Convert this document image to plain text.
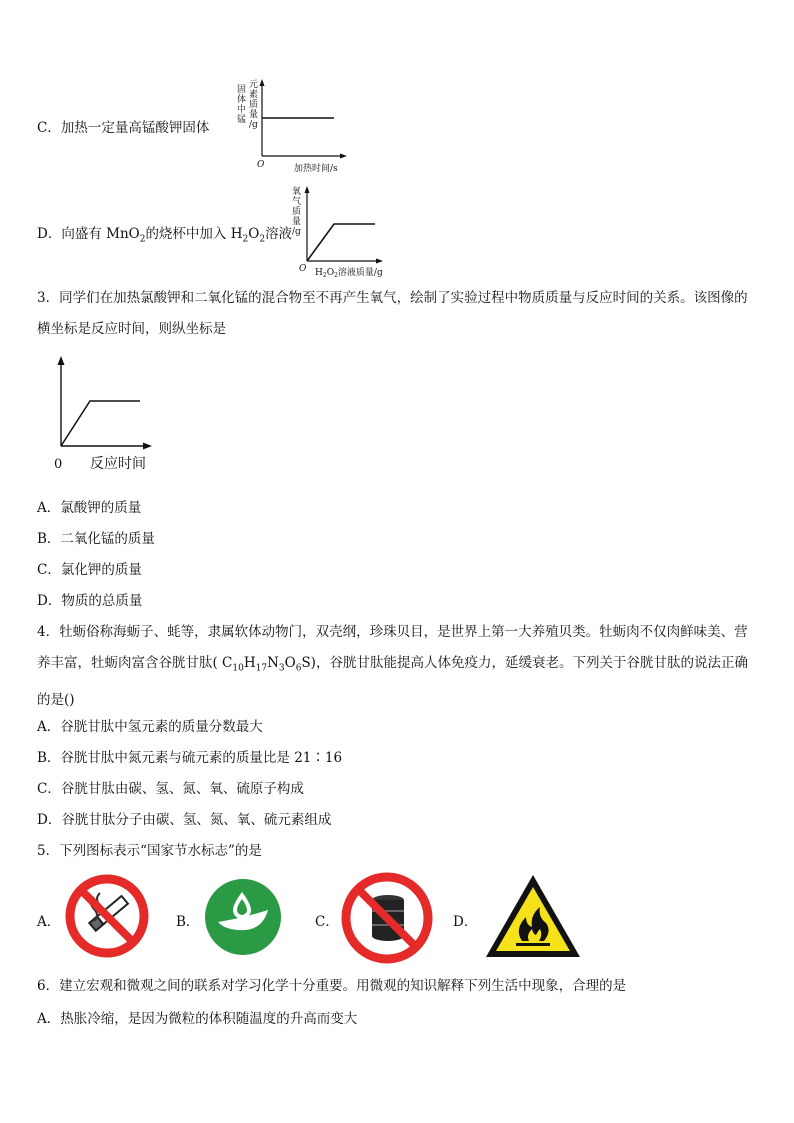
C．加热一定量高锰酸钾固体
固
体
中
锰
元
素
质
量
/g
O	加热时间/s
D．向盛有 MnO$_2$的烧杯中加入 $H_2O_2$溶液
氧
气
质
量
/g
O $H_2O_2$溶液质量/g
3．同学们在加热氯酸钾和二氧化锰的混合物至不再产生氧气，绘制了实验过程中物质质量与反应时间的关系。该图像的横坐标是反应时间，则纵坐标是
0 反应时间
A．氯酸钾的质量
B．二氧化锰的质量
C．氯化钾的质量
D．物质的总质量
4．牡蛎俗称海蛎子、蚝等，隶属软体动物门，双壳纲，珍珠贝目，是世界上第一大养殖贝类。牡蛎肉不仅肉鲜味美、营养丰富，牡蛎肉富含谷胱甘肽( $C_{10}H_{17}N_3O_6S$)，谷胱甘肽能提高人体免疫力，延缓衰老。下列关于谷胱甘肽的说法正确的是()
A．谷胱甘肽中氢元素的质量分数最大
B．谷胱甘肽中氮元素与硫元素的质量比是 21∶16
C．谷胱甘肽由碳、氢、氮、氧、硫原子构成
D．谷胱甘肽分子由碳、氢、氮、氧、硫元素组成
5．下列图标表示“国家节水标志”的是
A．	B．	C．	D．
6．建立宏观和微观之间的联系对学习化学十分重要。用微观的知识解释下列生活中现象，合理的是
A．热胀冷缩，是因为微粒的体积随温度的升高而变大
